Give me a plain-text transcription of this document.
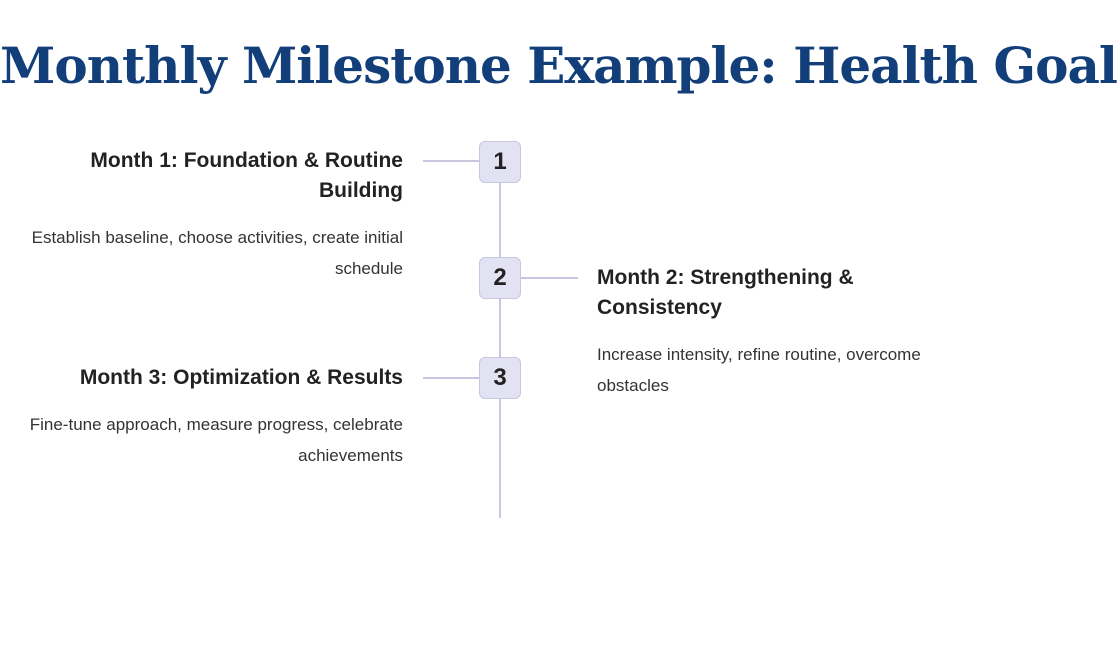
Monthly Milestone Example: Health Goal
1
Month 1: Foundation & Routine Building
Establish baseline, choose activities, create initial schedule	2	Month 2: Strengthening & Consistency
Increase intensity, refine routine, overcome obstacles
3
Month 3: Optimization & Results
Fine-tune approach, measure progress, celebrate achievements
